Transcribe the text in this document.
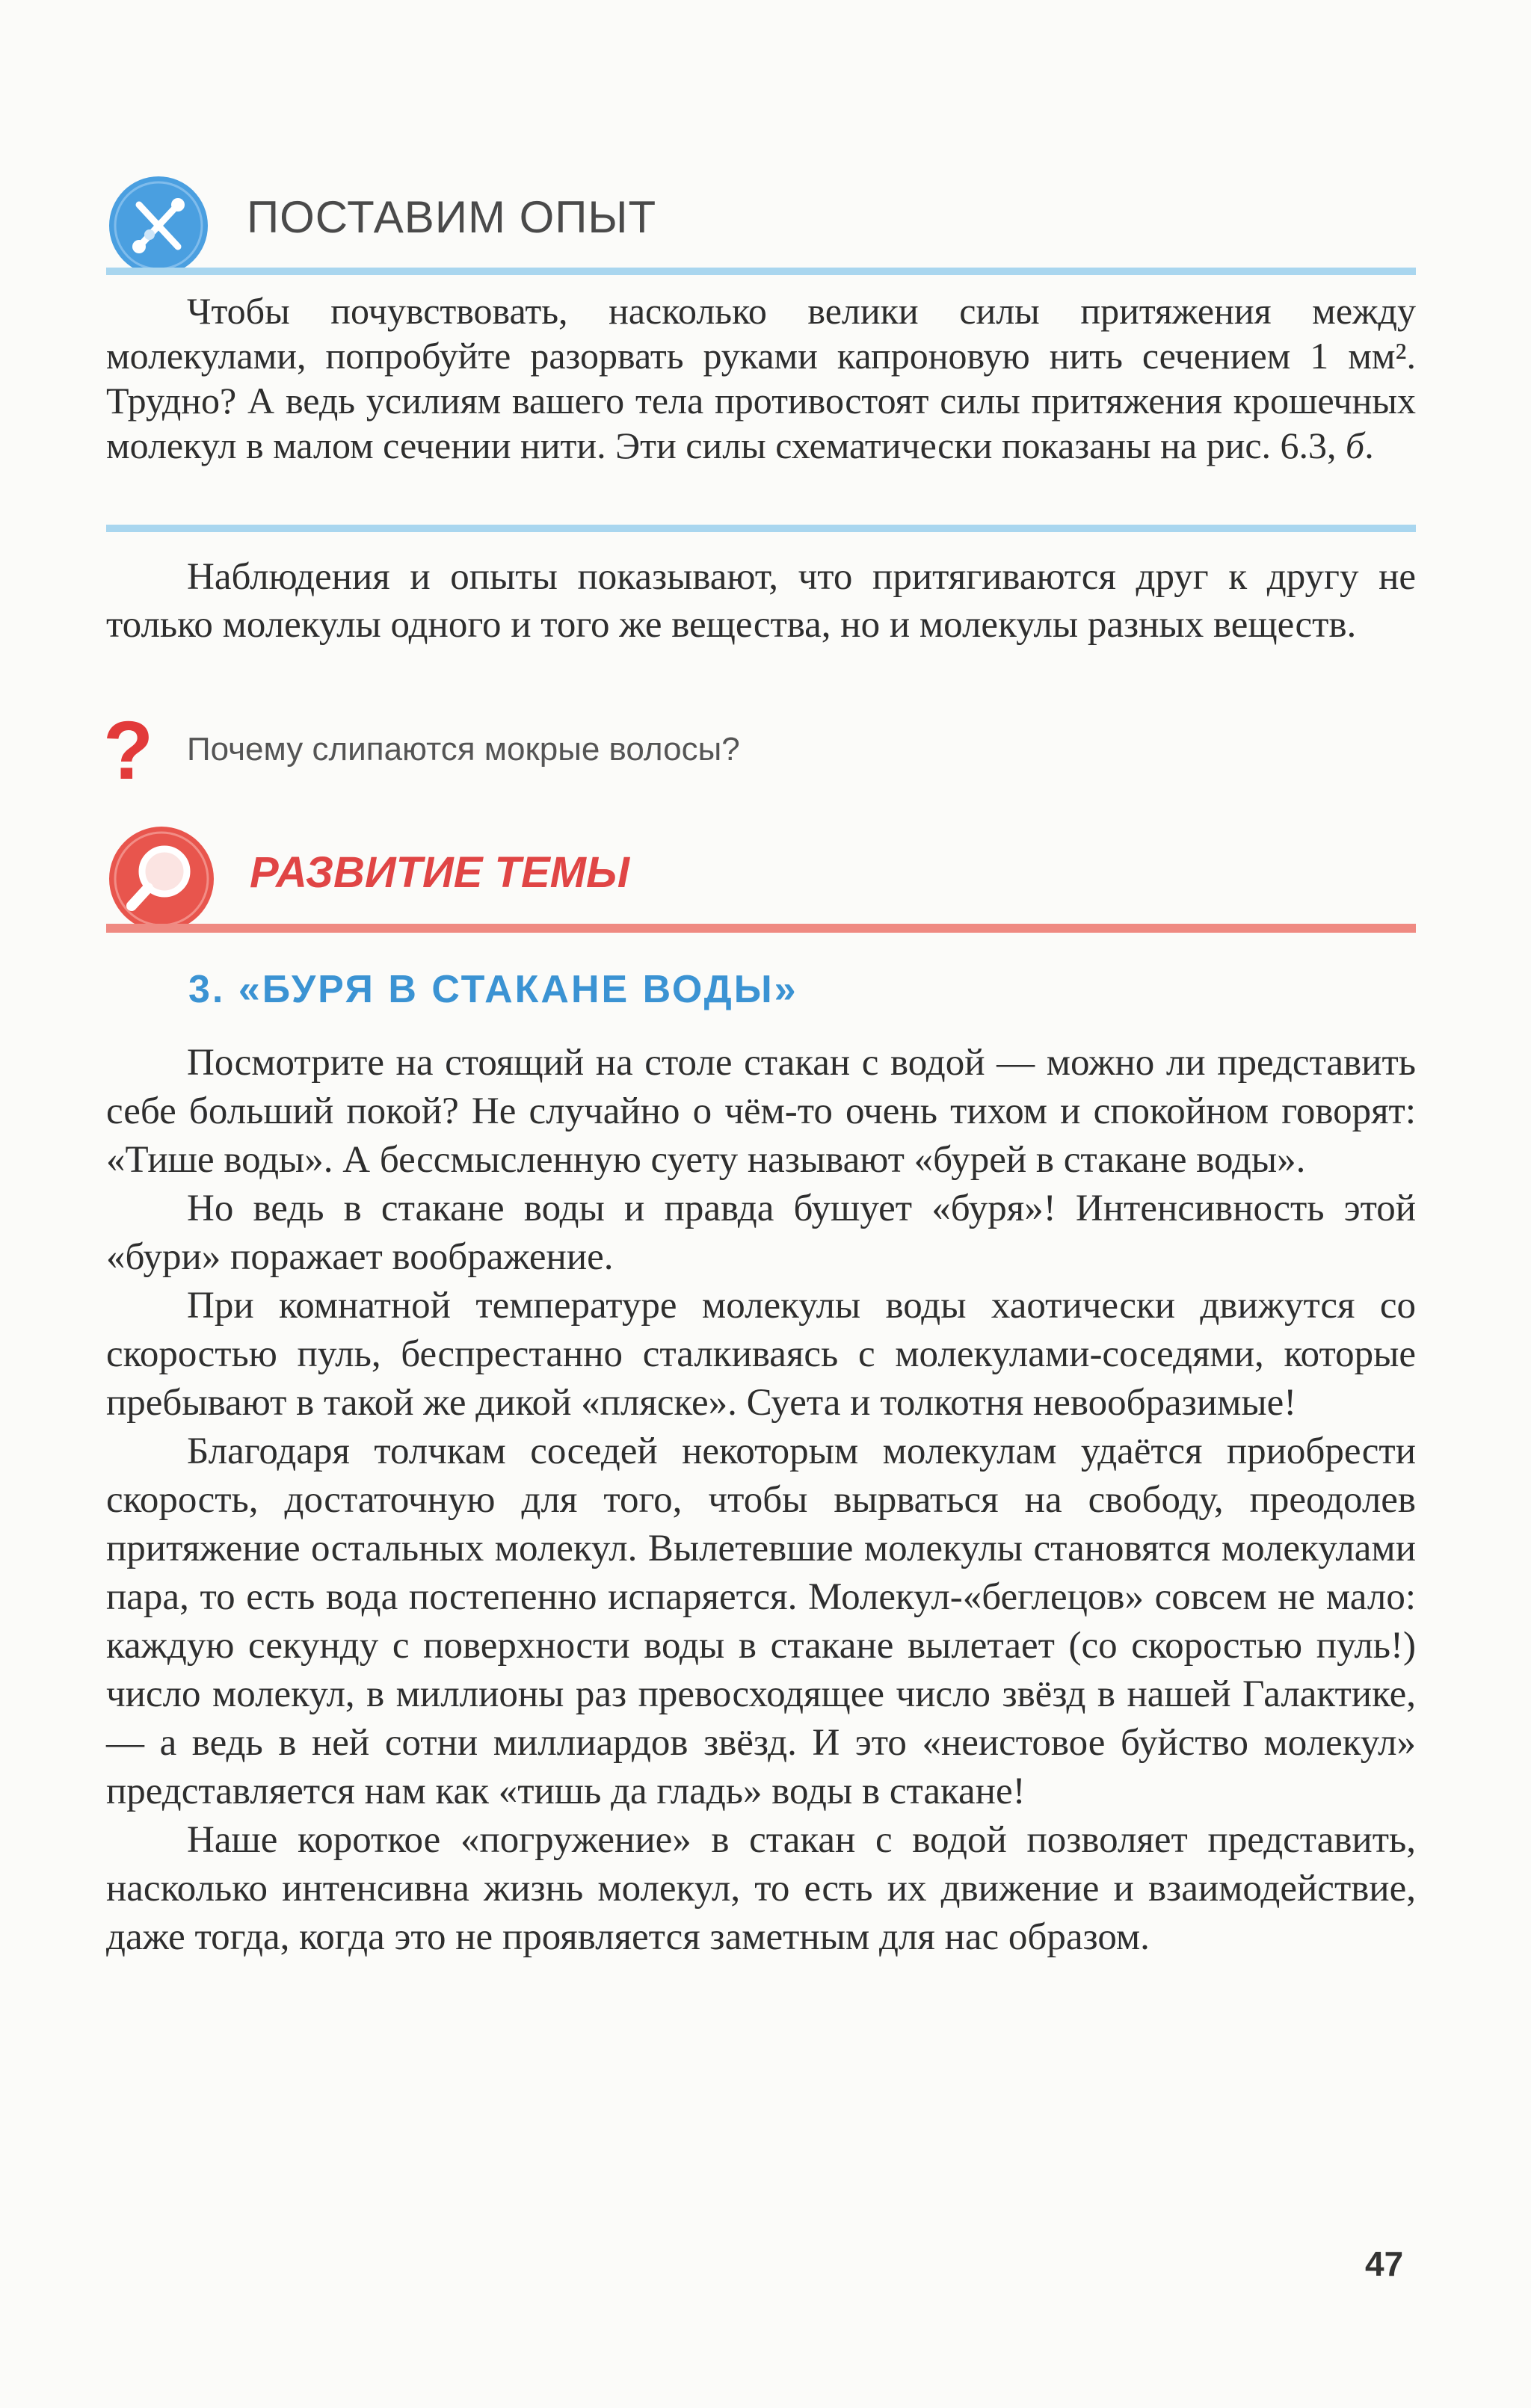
ПОСТАВИМ ОПЫТ

Чтобы почувствовать, насколько велики силы притяжения между молекулами, попробуйте разорвать руками капроновую нить сечением 1 мм². Трудно? А ведь усилиям вашего тела противостоят силы притяжения крошечных молекул в малом сечении нити. Эти силы схематически показаны на рис. 6.3, б.

Наблюдения и опыты показывают, что притягиваются друг к другу не только молекулы одного и того же вещества, но и молекулы разных веществ.

? Почему слипаются мокрые волосы?
РАЗВИТИЕ ТЕМЫ
3. «БУРЯ В СТАКАНЕ ВОДЫ»

Посмотрите на стоящий на столе стакан с водой — можно ли представить себе больший покой? Не случайно о чём-то очень тихом и спокойном говорят: «Тише воды». А бессмысленную суету называют «бурей в стакане воды».

Но ведь в стакане воды и правда бушует «буря»! Интенсивность этой «бури» поражает воображение.

При комнатной температуре молекулы воды хаотически движутся со скоростью пуль, беспрестанно сталкиваясь с молекулами-соседями, которые пребывают в такой же дикой «пляске». Суета и толкотня невообразимые!

Благодаря толчкам соседей некоторым молекулам удаётся приобрести скорость, достаточную для того, чтобы вырваться на свободу, преодолев притяжение остальных молекул. Вылетевшие молекулы становятся молекулами пара, то есть вода постепенно испаряется. Молекул-«беглецов» совсем не мало: каждую секунду с поверхности воды в стакане вылетает (со скоростью пуль!) число молекул, в миллионы раз превосходящее число звёзд в нашей Галактике, — а ведь в ней сотни миллиардов звёзд. И это «неистовое буйство молекул» представляется нам как «тишь да гладь» воды в стакане!

Наше короткое «погружение» в стакан с водой позволяет представить, насколько интенсивна жизнь молекул, то есть их движение и взаимодействие, даже тогда, когда это не проявляется заметным для нас образом.

47
